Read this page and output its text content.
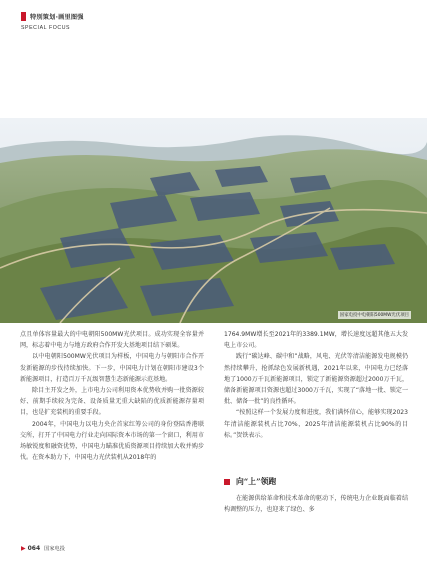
特别策划·画里图强
SPECIAL FOCUS
国家电投中电朝阳500MW光伏项目

点且单体容量最大的中电朝阳500MW光伏项目。成功实现全容量并网，标志着中电力与地方政府合作开发大基地项目结下硕果。

以中电朝阳500MW光伏项目为样板，中国电力与朝阳市合作开发新能源的步伐持续加快。下一步，中国电力计划在朝阳市建设3个新能源项目，打造百万千瓦级智慧生态新能源示范基地。

除目主开发之外，上市电力公司利用资本优势收并购一批资源较好、前期手续较为完备、设备质量无重大缺陷的优质新能源存量项目，也是扩充装机的重要手段。

2004年，中国电力以电力央企首家红筹公司的身份登陆香港联交所，打开了中国电力行业走向国际资本市场的第一个窗口，利用市场敏锐度和融资优势，中国电力瞄准优质资源项目持续加大收并购步伐。在资本助力下，中国电力光伏装机从2018年的

1764.9MW增长至2021年的3389.1MW，增长速度远超其他五大发电上市公司。

践行“碳达峰、碳中和”战略，风电、光伏等清洁能源发电规模仍然持续攀升，抢抓绿色发展新机遇，2021年以来，中国电力已经落地了1000万千瓦新能源项目，锁定了新能源资源超过2000万千瓦，储备新能源项目资源也超过3000万千瓦，实现了“落地一批、锁定一批、储备一批”的良性循环。

“按照这样一个发展力度和进度，我们满怀信心，能够实现2023年清洁能源装机占比70%，2025年清洁能源装机占比90%的目标。”贺铁表示。

向“上”领跑

在能源供给革命和技术革命的驱动下，传统电力企业既面临着结构调整的压力，也迎来了绿色、多

▶ 064 国家电投
